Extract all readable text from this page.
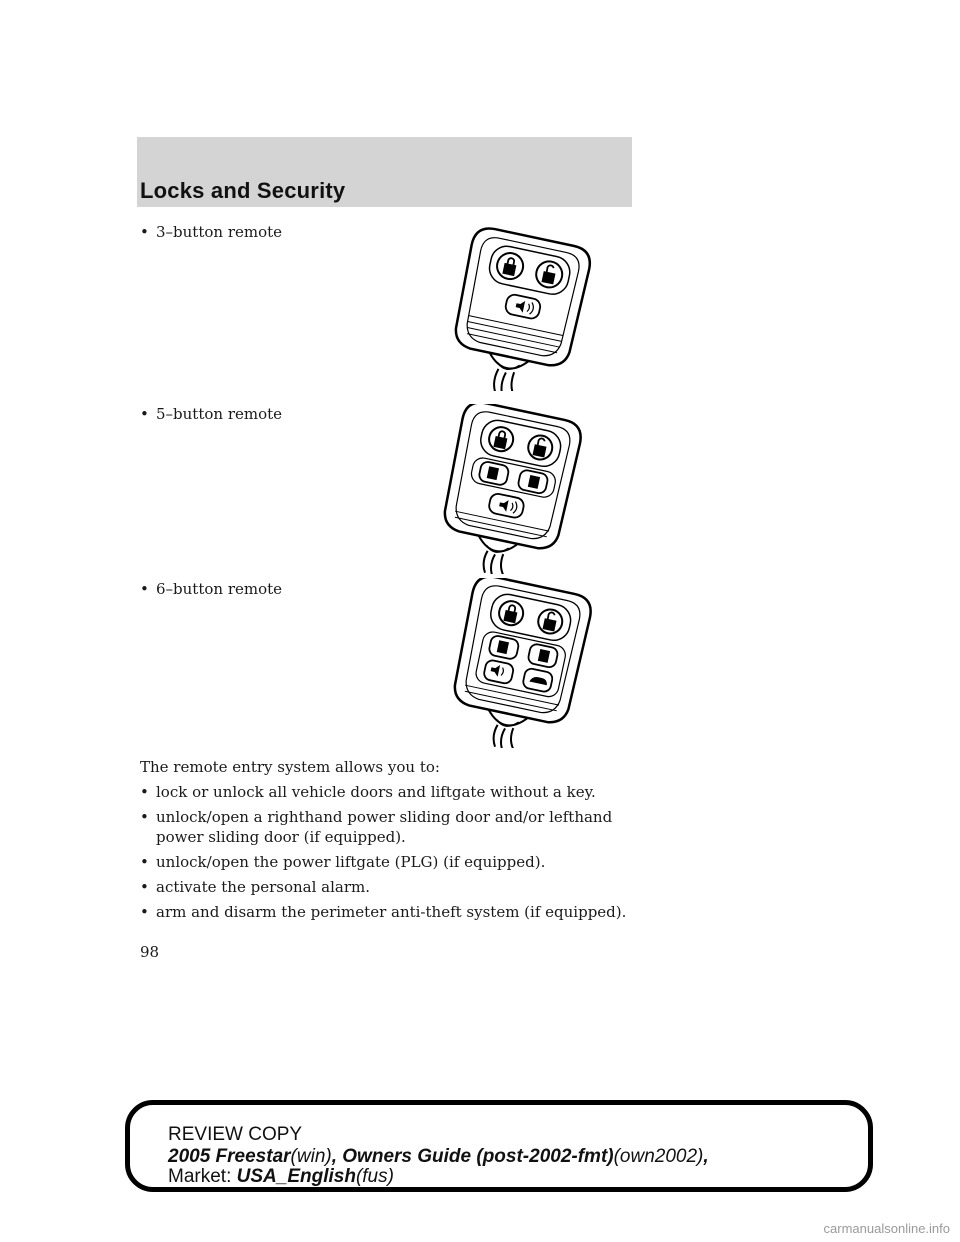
Locks and Security
• 3–button remote
• 5–button remote
• 6–button remote
The remote entry system allows you to:
• lock or unlock all vehicle doors and liftgate without a key.
• unlock/open a righthand power sliding door and/or lefthand power sliding door (if equipped).
• unlock/open the power liftgate (PLG) (if equipped).
• activate the personal alarm.
• arm and disarm the perimeter anti-theft system (if equipped).
98
REVIEW COPY
2005 Freestar(win), Owners Guide (post-2002-fmt)(own2002),
Market: USA_English(fus)
carmanualsonline.info
